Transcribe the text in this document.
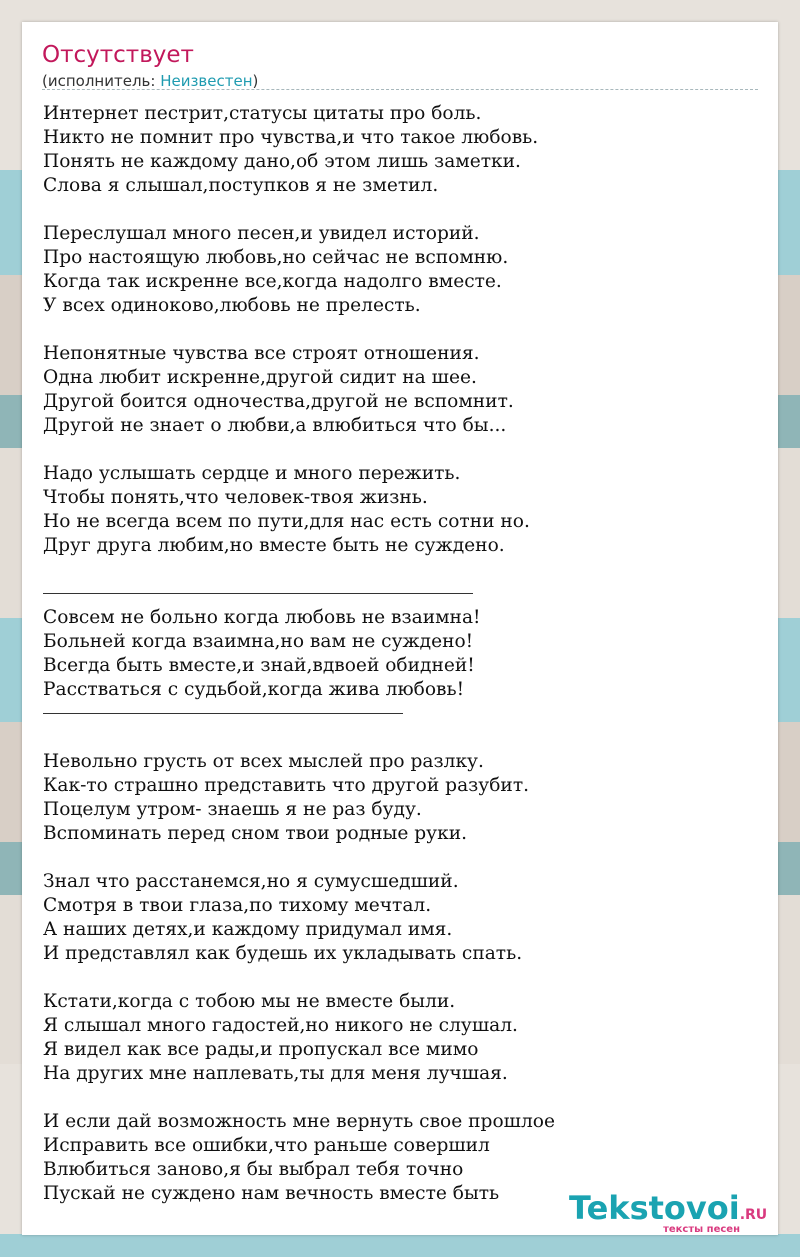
Отсутствует
(исполнитель: Неизвестен)
Интернет пестрит,статусы цитаты про боль.
Никто не помнит про чувства,и что такое любовь.
Понять не каждому дано,об этом лишь заметки.
Слова я слышал,поступков я не зметил.
Переслушал много песен,и увидел историй.
Про настоящую любовь,но сейчас не вспомню.
Когда так искренне все,когда надолго вместе.
У всех одиноково,любовь не прелесть.
Непонятные чувства все строят отношения.
Одна любит искренне,другой сидит на шее.
Другой боится одночества,другой не вспомнит.
Другой не знает о любви,а влюбиться что бы...
Надо услышать сердце и много пережить.
Чтобы понять,что человек-твоя жизнь.
Но не всегда всем по пути,для нас есть сотни но.
Друг друга любим,но вместе быть не суждено.
Совсем не больно когда любовь не взаимна!
Больней когда взаимна,но вам не суждено!
Всегда быть вместе,и знай,вдвоей обидней!
Расстваться с судьбой,когда жива любовь!
Невольно грусть от всех мыслей про разлку.
Как-то страшно представить что другой разубит.
Поцелум утром- знаешь я не раз буду.
Вспоминать перед сном твои родные руки.
Знал что расстанемся,но я сумусшедший.
Смотря в твои глаза,по тихому мечтал.
А наших детях,и каждому придумал имя.
И представлял как будешь их укладывать спать.
Кстати,когда с тобою мы не вместе были.
Я слышал много гадостей,но никого не слушал.
Я видел как все рады,и пропускал все мимо
На других мне наплевать,ты для меня лучшая.
И если дай возможность мне вернуть свое прошлое
Исправить все ошибки,что раньше совершил
Влюбиться заново,я бы выбрал тебя точно
Пускай не суждено нам вечность вместе быть	Tekstovoi.RU
тексты песен
